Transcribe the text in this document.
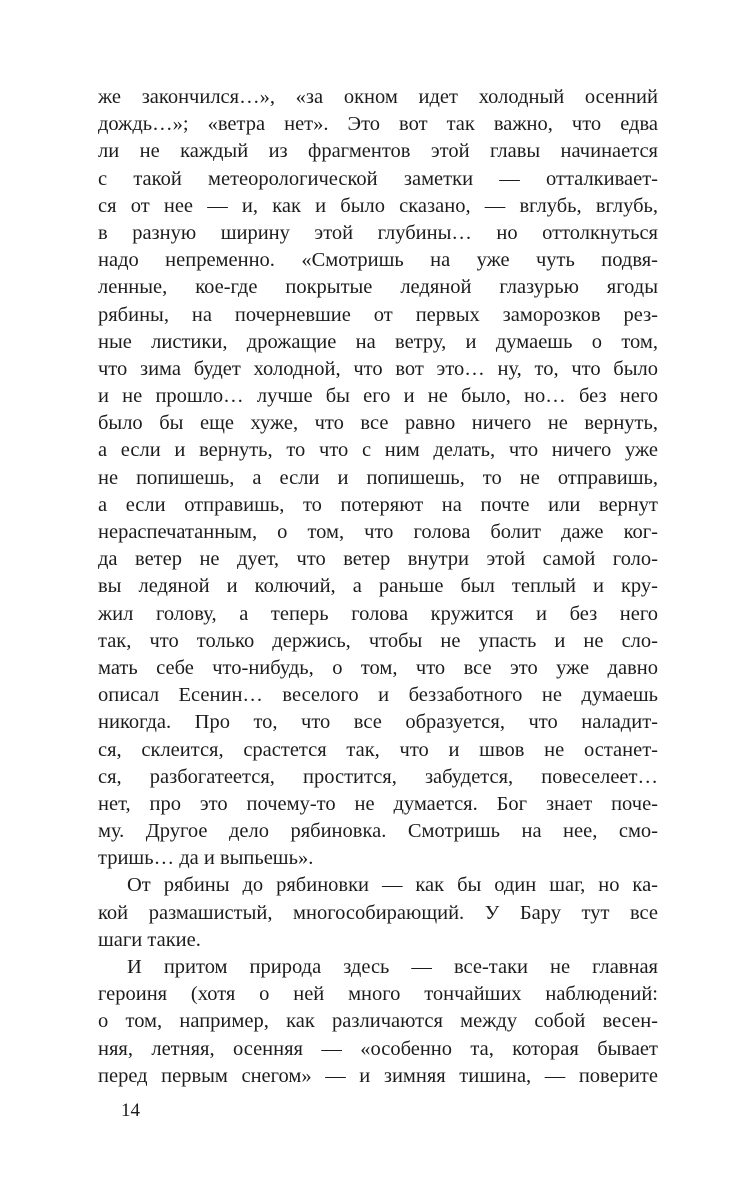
же закончился…», «за окном идет холодный осенний
дождь…»; «ветра нет». Это вот так важно, что едва
ли не каждый из фрагментов этой главы начинается
с такой метеорологической заметки — отталкивает-
ся от нее — и, как и было сказано, — вглубь, вглубь,
в разную ширину этой глубины… но оттолкнуться
надо непременно. «Смотришь на уже чуть подвя-
ленные, кое-где покрытые ледяной глазурью ягоды
рябины, на почерневшие от первых заморозков рез-
ные листики, дрожащие на ветру, и думаешь о том,
что зима будет холодной, что вот это… ну, то, что было
и не прошло… лучше бы его и не было, но… без него
было бы еще хуже, что все равно ничего не вернуть,
а если и вернуть, то что с ним делать, что ничего уже
не попишешь, а если и попишешь, то не отправишь,
а если отправишь, то потеряют на почте или вернут
нераспечатанным, о том, что голова болит даже ког-
да ветер не дует, что ветер внутри этой самой голо-
вы ледяной и колючий, а раньше был теплый и кру-
жил голову, а теперь голова кружится и без него
так, что только держись, чтобы не упасть и не сло-
мать себе что-нибудь, о том, что все это уже давно
описал Есенин… веселого и беззаботного не думаешь
никогда. Про то, что все образуется, что наладит-
ся, склеится, срастется так, что и швов не останет-
ся, разбогатеется, простится, забудется, повеселеет…
нет, про это почему-то не думается. Бог знает поче-
му. Другое дело рябиновка. Смотришь на нее, смо-
тришь… да и выпьешь».
От рябины до рябиновки — как бы один шаг, но ка-
кой размашистый, многособирающий. У Бару тут все
шаги такие.
И притом природа здесь — все-таки не главная
героиня (хотя о ней много тончайших наблюдений:
о том, например, как различаются между собой весен-
няя, летняя, осенняя — «особенно та, которая бывает
перед первым снегом» — и зимняя тишина, — поверите
14
